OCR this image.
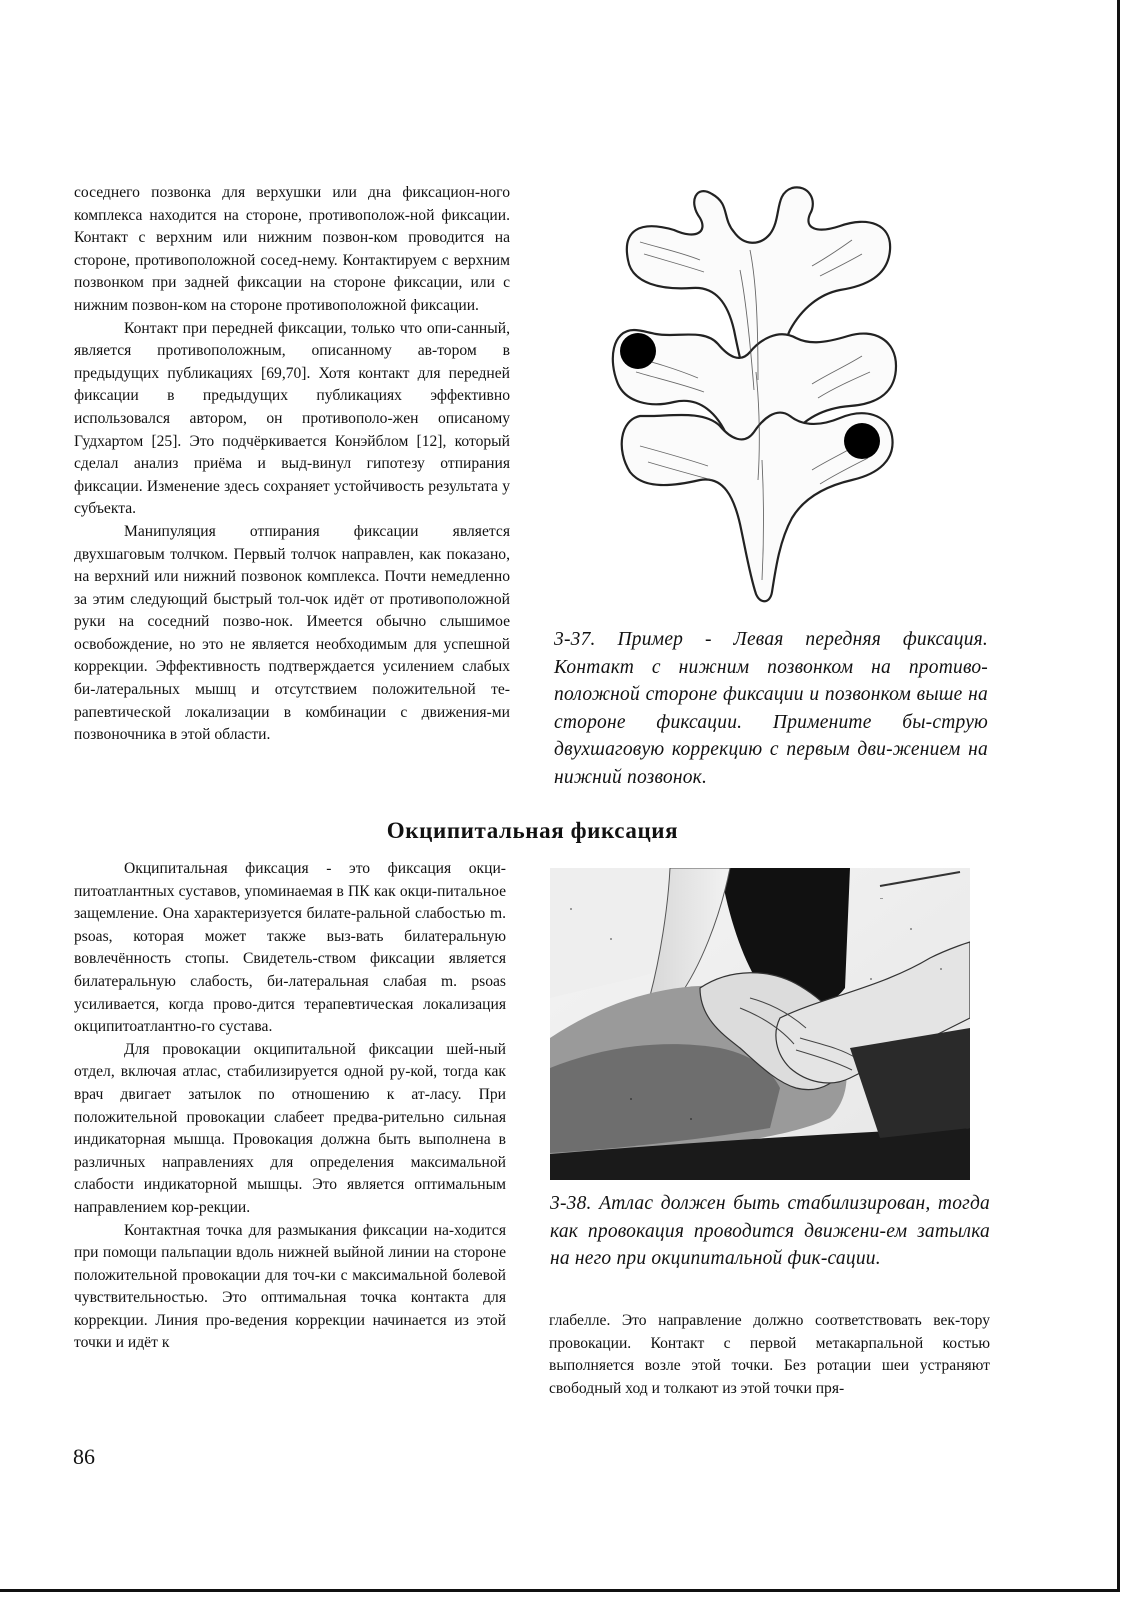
соседнего позвонка для верхушки или дна фиксацион-ного комплекса находится на стороне, противополож-ной фиксации. Контакт с верхним или нижним позвон-ком проводится на стороне, противоположной сосед-нему. Контактируем с верхним позвонком при задней фиксации на стороне фиксации, или с нижним позвон-ком на стороне противоположной фиксации.

Контакт при передней фиксации, только что опи-санный, является противоположным, описанному ав-тором в предыдущих публикациях [69,70]. Хотя контакт для передней фиксации в предыдущих публикациях эффективно использовался автором, он противополо-жен описаному Гудхартом [25]. Это подчёркивается Конэйблом [12], который сделал анализ приёма и выд-винул гипотезу отпирания фиксации. Изменение здесь сохраняет устойчивость результата у субъекта.

Манипуляция отпирания фиксации является двухшаговым толчком. Первый толчок направлен, как показано, на верхний или нижний позвонок комплекса. Почти немедленно за этим следующий быстрый тол-чок идёт от противоположной руки на соседний позво-нок. Имеется обычно слышимое освобождение, но это не является необходимым для успешной коррекции. Эффективность подтверждается усилением слабых би-латеральных мышц и отсутствием положительной те-рапевтической локализации в комбинации с движения-ми позвоночника в этой области.

3-37. Пример - Левая передняя фиксация. Контакт с нижним позвонком на противо-положной стороне фиксации и позвонком выше на стороне фиксации. Примените бы-струю двухшаговую коррекцию с первым дви-жением на нижний позвонок.
Окципитальная фиксация

Окципитальная фиксация - это фиксация окци-питоатлантных суставов, упоминаемая в ПК как окци-питальное защемление. Она характеризуется билате-ральной слабостью m. psoas, которая может также выз-вать билатеральную вовлечённость стопы. Свидетель-ством фиксации является билатеральную слабость, би-латеральная слабая m. psoas усиливается, когда прово-дится терапевтическая локализация окципитоатлантно-го сустава.

Для провокации окципитальной фиксации шей-ный отдел, включая атлас, стабилизируется одной ру-кой, тогда как врач двигает затылок по отношению к ат-ласу. При положительной провокации слабеет предва-рительно сильная индикаторная мышца. Провокация должна быть выполнена в различных направлениях для определения максимальной слабости индикаторной мышцы. Это является оптимальным направлением кор-рекции.

Контактная точка для размыкания фиксации на-ходится при помощи пальпации вдоль нижней выйной линии на стороне положительной провокации для точ-ки с максимальной болевой чувствительностью. Это оптимальная точка контакта для коррекции. Линия про-ведения коррекции начинается из этой точки и идёт к

3-38. Атлас должен быть стабилизирован, тогда как провокация проводится движени-ем затылка на него при окципитальной фик-сации.

глабелле. Это направление должно соответствовать век-тору провокации. Контакт с первой метакарпальной костью выполняется возле этой точки. Без ротации шеи устраняют свободный ход и толкают из этой точки пря-

86
